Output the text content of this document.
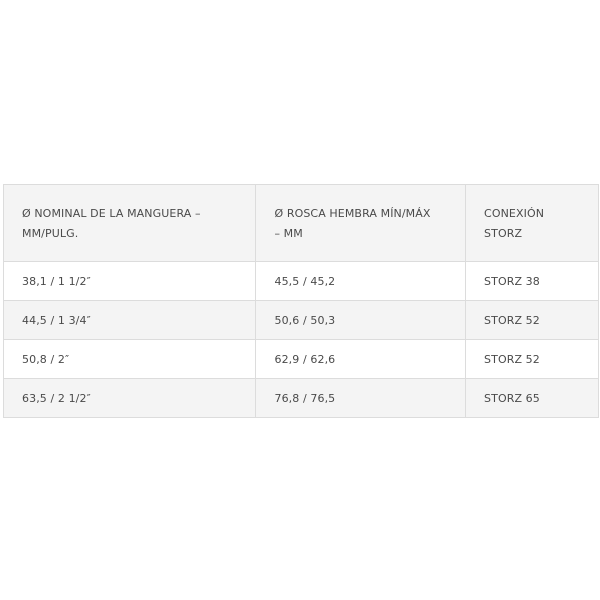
Ø NOMINAL DE LA MANGUERA – MM/PULG.	Ø ROSCA HEMBRA MÍN/MÁX – MM	CONEXIÓN STORZ
38,1 / 1 1/2″	45,5 / 45,2	STORZ 38
44,5 / 1 3/4″	50,6 / 50,3	STORZ 52
50,8 / 2″	62,9 / 62,6	STORZ 52
63,5 / 2 1/2″	76,8 / 76,5	STORZ 65
